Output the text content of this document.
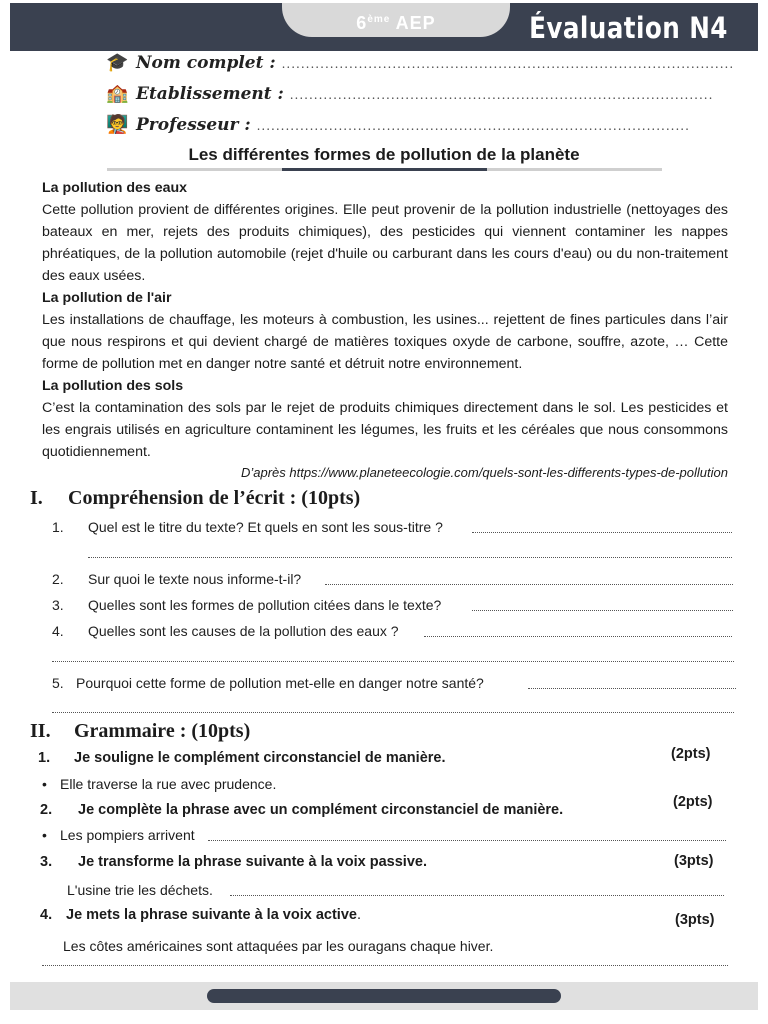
6ème AEP	Évaluation N4
🎓 Nom complet : ..............................................................................................
🏫 Etablissement : ........................................................................................
🧑‍🏫 Professeur : ..........................................................................................
Les différentes formes de pollution de la planète
La pollution des eaux
Cette pollution provient de différentes origines. Elle peut provenir de la pollution industrielle (nettoyages des bateaux en mer, rejets des produits chimiques), des pesticides qui viennent contaminer les nappes phréatiques, de la pollution automobile (rejet d'huile ou carburant dans les cours d'eau) ou du non-traitement des eaux usées.
La pollution de l'air
Les installations de chauffage, les moteurs à combustion, les usines... rejettent de fines particules dans l’air que nous respirons et qui devient chargé de matières toxiques oxyde de carbone, souffre, azote, … Cette forme de pollution met en danger notre santé et détruit notre environnement.
La pollution des sols
C’est la contamination des sols par le rejet de produits chimiques directement dans le sol. Les pesticides et les engrais utilisés en agriculture contaminent les légumes, les fruits et les céréales que nous consommons quotidiennement.
D’après https://www.planeteecologie.com/quels-sont-les-differents-types-de-pollution
I. Compréhension de l’écrit : (10pts)
1. Quel est le titre du texte? Et quels en sont les sous-titre ?
2. Sur quoi le texte nous informe-t-il?
3. Quelles sont les formes de pollution citées dans le texte?
4. Quelles sont les causes de la pollution des eaux ?
5. Pourquoi cette forme de pollution met-elle en danger notre santé?
II. Grammaire : (10pts)
1. Je souligne le complément circonstanciel de manière.	(2pts)
• Elle traverse la rue avec prudence.
2. Je complète la phrase avec un complément circonstanciel de manière.	(2pts)
• Les pompiers arrivent
3. Je transforme la phrase suivante à la voix passive.	(3pts)
L'usine trie les déchets.
4. Je mets la phrase suivante à la voix active.	(3pts)
Les côtes américaines sont attaquées par les ouragans chaque hiver.
